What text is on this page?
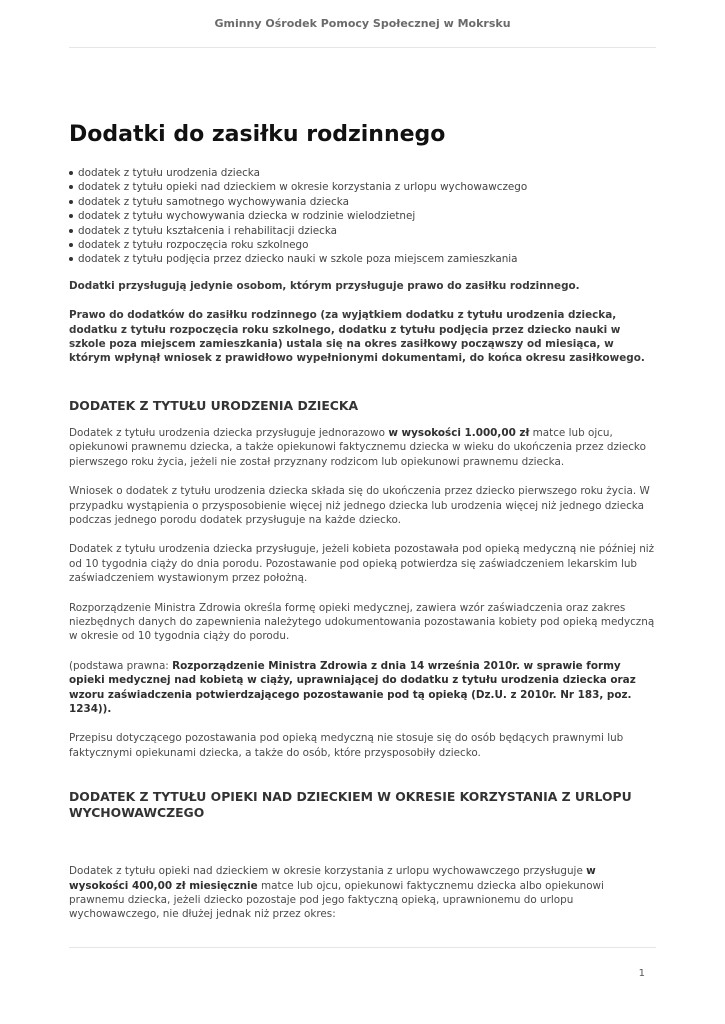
Gminny Ośrodek Pomocy Społecznej w Mokrsku
Dodatki do zasiłku rodzinnego
dodatek z tytułu urodzenia dziecka
dodatek z tytułu opieki nad dzieckiem w okresie korzystania z urlopu wychowawczego
dodatek z tytułu samotnego wychowywania dziecka
dodatek z tytułu wychowywania dziecka w rodzinie wielodzietnej
dodatek z tytułu kształcenia i rehabilitacji dziecka
dodatek z tytułu rozpoczęcia roku szkolnego
dodatek z tytułu podjęcia przez dziecko nauki w szkole poza miejscem zamieszkania

Dodatki przysługują jedynie osobom, którym przysługuje prawo do zasiłku rodzinnego.

Prawo do dodatków do zasiłku rodzinnego (za wyjątkiem dodatku z tytułu urodzenia dziecka, dodatku z tytułu rozpoczęcia roku szkolnego, dodatku z tytułu podjęcia przez dziecko nauki w szkole poza miejscem zamieszkania) ustala się na okres zasiłkowy począwszy od miesiąca, w którym wpłynął wniosek z prawidłowo wypełnionymi dokumentami, do końca okresu zasiłkowego.

DODATEK Z TYTUŁU URODZENIA DZIECKA

Dodatek z tytułu urodzenia dziecka przysługuje jednorazowo w wysokości 1.000,00 zł matce lub ojcu, opiekunowi prawnemu dziecka, a także opiekunowi faktycznemu dziecka w wieku do ukończenia przez dziecko pierwszego roku życia, jeżeli nie został przyznany rodzicom lub opiekunowi prawnemu dziecka.

Wniosek o dodatek z tytułu urodzenia dziecka składa się do ukończenia przez dziecko pierwszego roku życia. W przypadku wystąpienia o przysposobienie więcej niż jednego dziecka lub urodzenia więcej niż jednego dziecka podczas jednego porodu dodatek przysługuje na każde dziecko.

Dodatek z tytułu urodzenia dziecka przysługuje, jeżeli kobieta pozostawała pod opieką medyczną nie później niż od 10 tygodnia ciąży do dnia porodu. Pozostawanie pod opieką potwierdza się zaświadczeniem lekarskim lub zaświadczeniem wystawionym przez położną.

Rozporządzenie Ministra Zdrowia określa formę opieki medycznej, zawiera wzór zaświadczenia oraz zakres niezbędnych danych do zapewnienia należytego udokumentowania pozostawania kobiety pod opieką medyczną w okresie od 10 tygodnia ciąży do porodu.

(podstawa prawna: Rozporządzenie Ministra Zdrowia z dnia 14 września 2010r. w sprawie formy opieki medycznej nad kobietą w ciąży, uprawniającej do dodatku z tytułu urodzenia dziecka oraz wzoru zaświadczenia potwierdzającego pozostawanie pod tą opieką (Dz.U. z 2010r. Nr 183, poz. 1234)).

Przepisu dotyczącego pozostawania pod opieką medyczną nie stosuje się do osób będących prawnymi lub faktycznymi opiekunami dziecka, a także do osób, które przysposobiły dziecko.

DODATEK Z TYTUŁU OPIEKI NAD DZIECKIEM W OKRESIE KORZYSTANIA Z URLOPU WYCHOWAWCZEGO

Dodatek z tytułu opieki nad dzieckiem w okresie korzystania z urlopu wychowawczego przysługuje w wysokości 400,00 zł miesięcznie matce lub ojcu, opiekunowi faktycznemu dziecka albo opiekunowi prawnemu dziecka, jeżeli dziecko pozostaje pod jego faktyczną opieką, uprawnionemu do urlopu wychowawczego, nie dłużej jednak niż przez okres:

1
